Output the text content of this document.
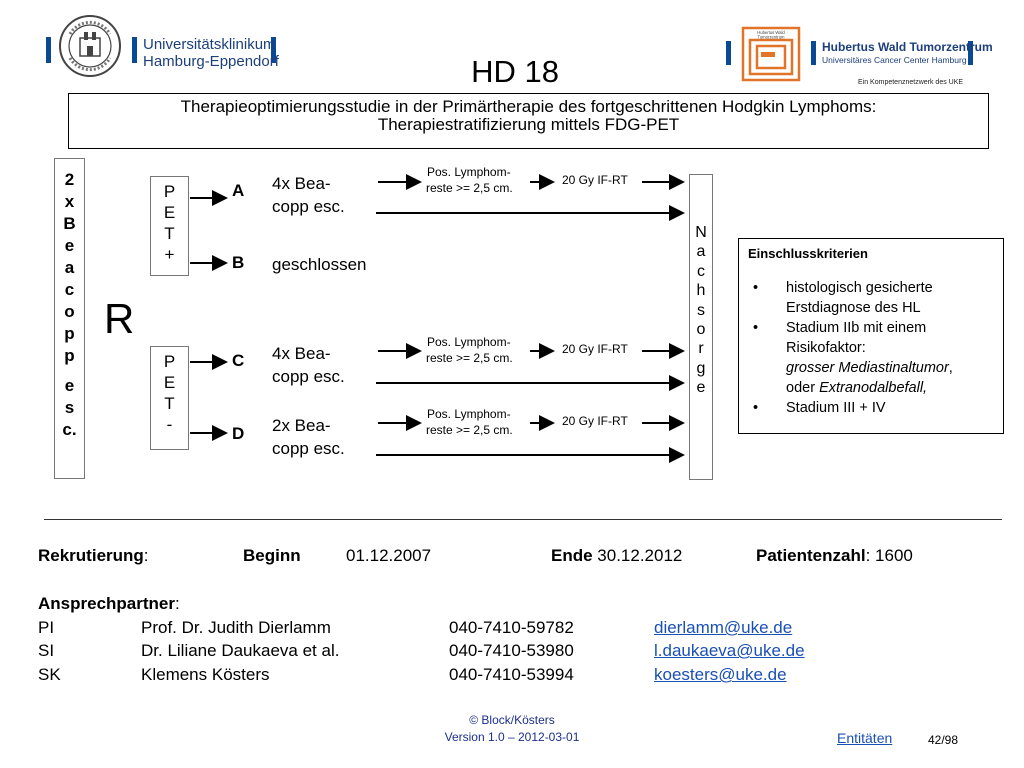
Universitätsklinikum
Hamburg-Eppendorf
Hubertus Wald
Tumorzentrum
Hubertus Wald Tumorzentrum
Universitäres Cancer Center Hamburg
Ein Kompetenznetzwerk des UKE
HD 18
Therapieoptimierungsstudie in der Primärtherapie des fortgeschrittenen Hodgkin Lymphoms:
Therapiestratifizierung mittels FDG-PET
2
x
B
e
a
c
o
p
p
e
s
c.
R
P
E
T
+
P
E
T
-
A
B
C
D
4x Bea-
copp esc.
geschlossen
4x Bea-
copp esc.
2x Bea-
copp esc.
Pos. Lymphom-
reste >= 2,5 cm.
Pos. Lymphom-
reste >= 2,5 cm.
Pos. Lymphom-
reste >= 2,5 cm.
20 Gy IF-RT
20 Gy IF-RT
20 Gy IF-RT
N
a
c
h
s
o
r
g
e
Einschlusskriterien
• histologisch gesicherte
Erstdiagnose des HL
• Stadium IIb mit einem
Risikofaktor:
grosser Mediastinaltumor,
oder Extranodalbefall,
• Stadium III + IV
Rekrutierung:	Beginn	01.12.2007	Ende 30.12.2012	Patientenzahl: 1600
Ansprechpartner:
PI	Prof. Dr. Judith Dierlamm	040-7410-59782	dierlamm@uke.de
SI	Dr. Liliane Daukaeva et al.	040-7410-53980	l.daukaeva@uke.de
SK	Klemens Kösters	040-7410-53994	koesters@uke.de
© Block/Kösters
Version 1.0 – 2012-03-01	Entitäten	42/98
